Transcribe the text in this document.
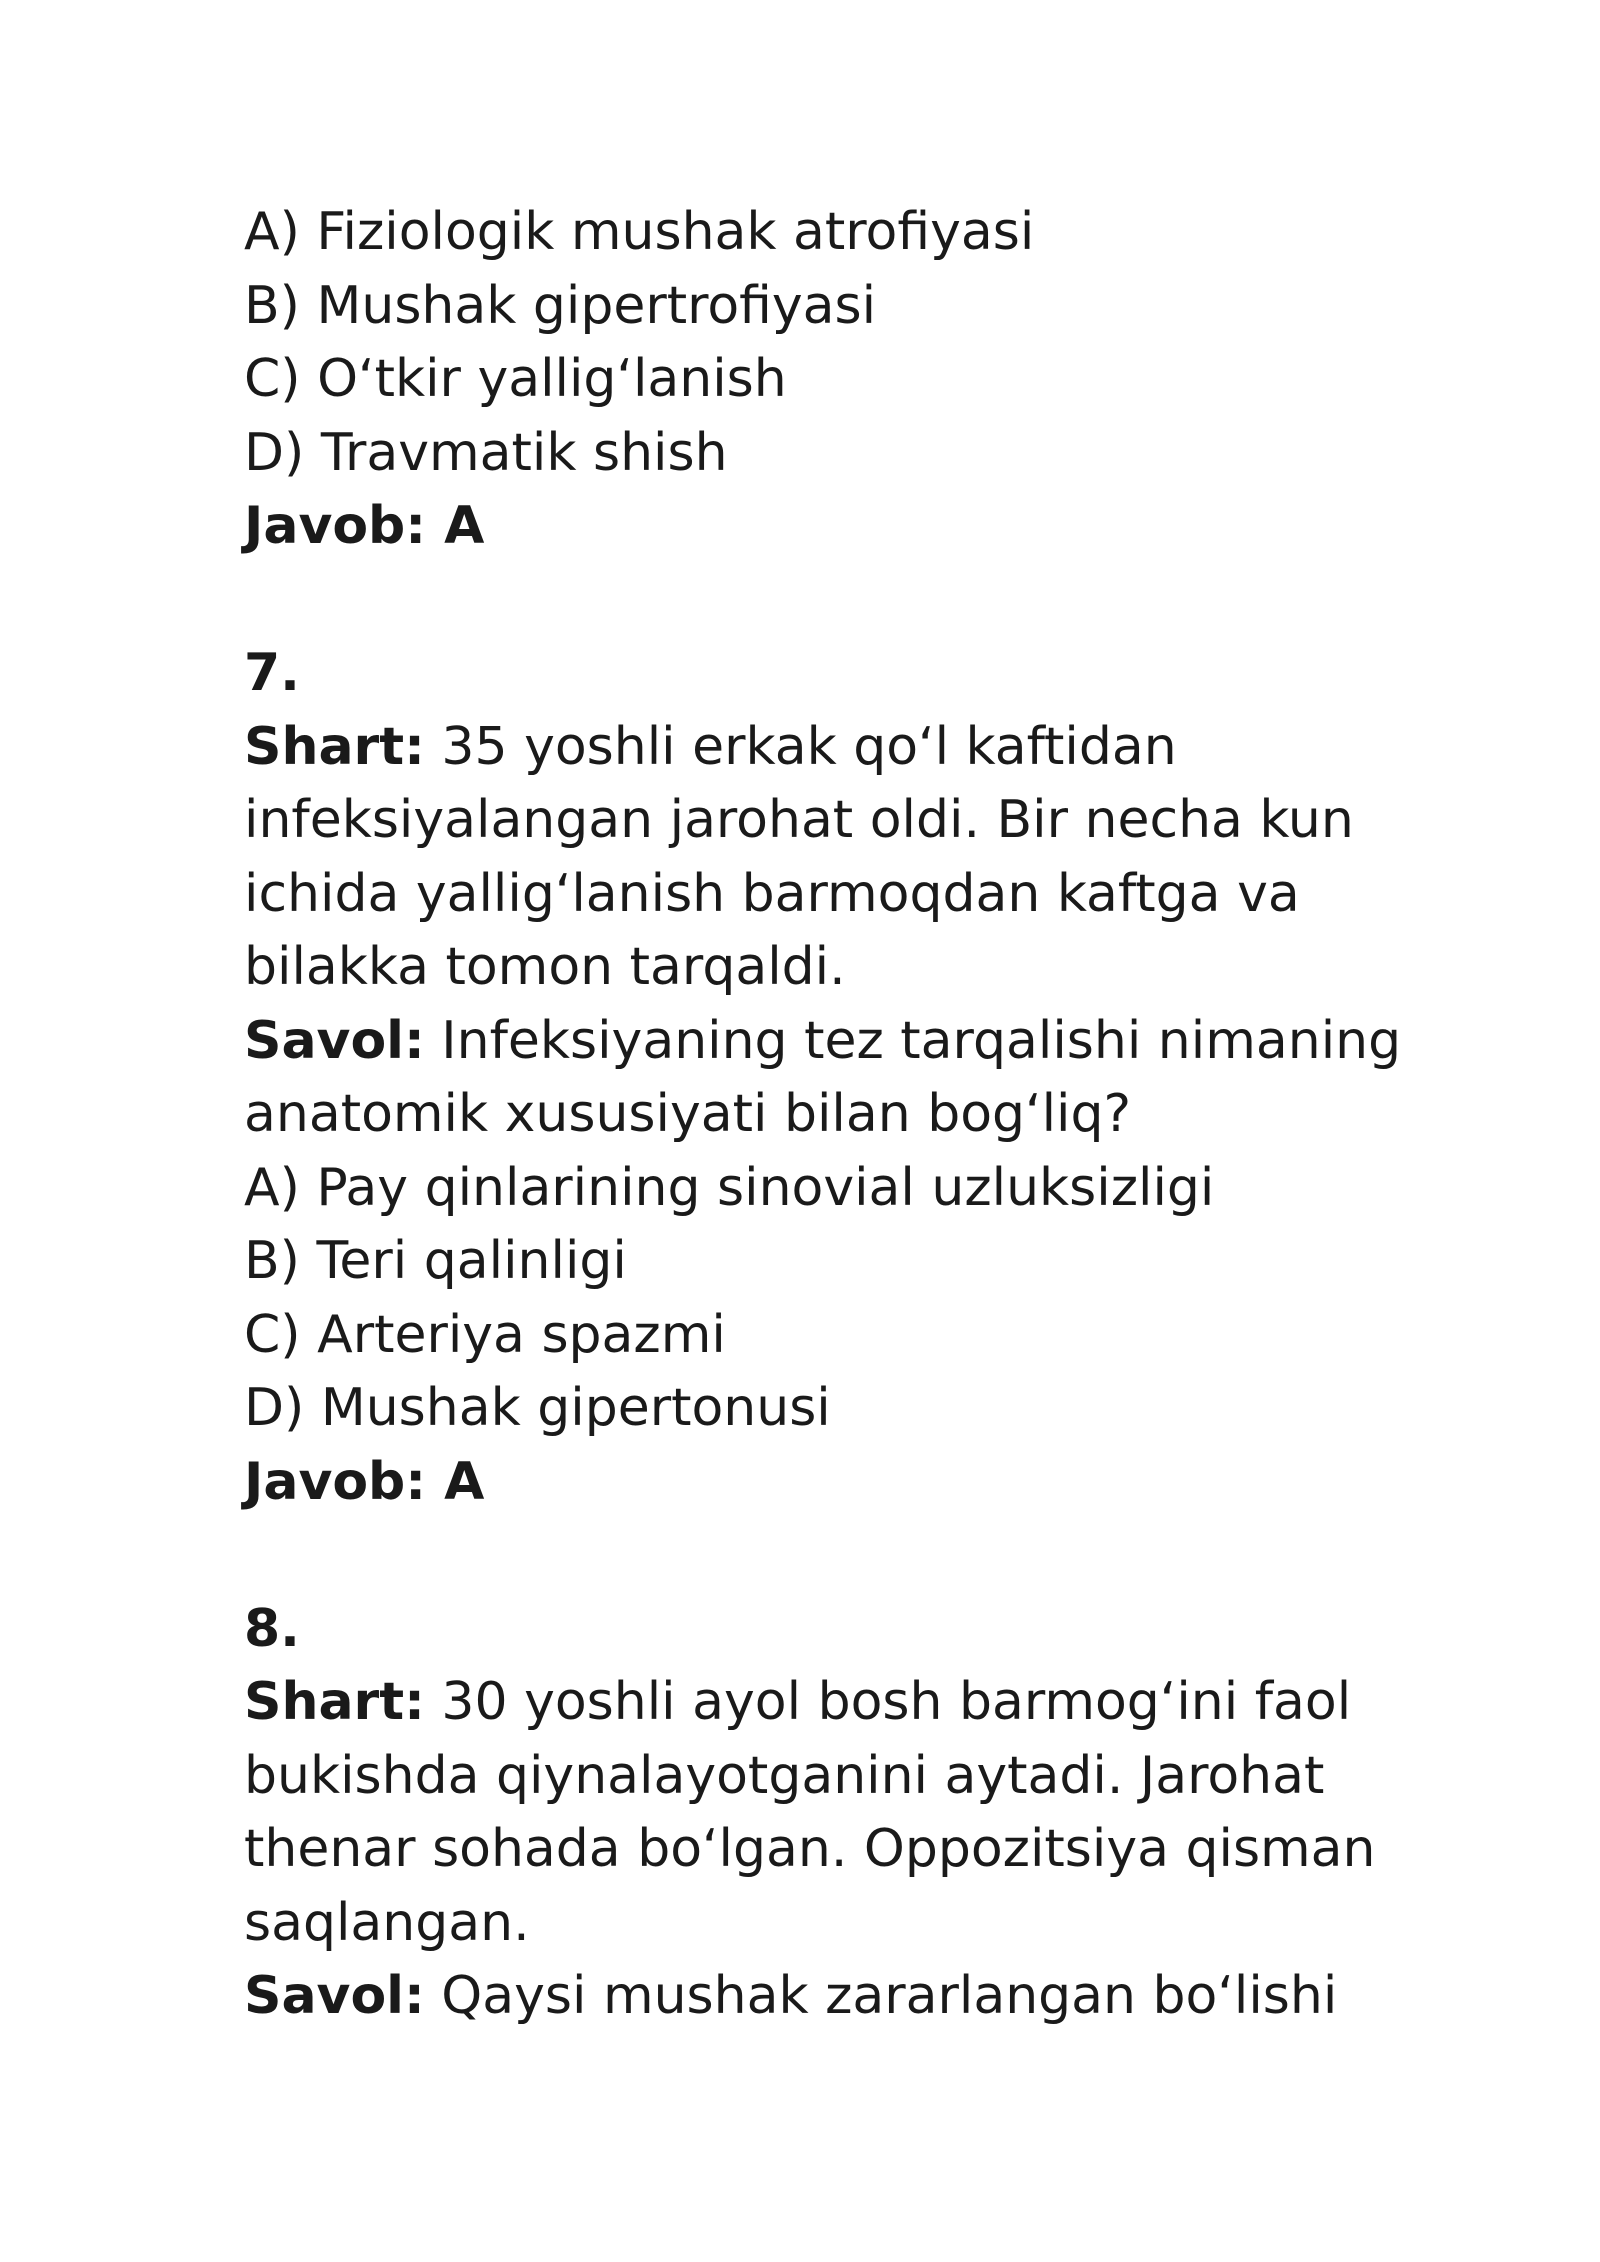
A) Fiziologik mushak atrofiyasi
B) Mushak gipertrofiyasi
C) O‘tkir yallig‘lanish
D) Travmatik shish
Javob: A
7.
Shart: 35 yoshli erkak qo‘l kaftidan
infeksiyalangan jarohat oldi. Bir necha kun
ichida yallig‘lanish barmoqdan kaftga va
bilakka tomon tarqaldi.
Savol: Infeksiyaning tez tarqalishi nimaning
anatomik xususiyati bilan bog‘liq?
A) Pay qinlarining sinovial uzluksizligi
B) Teri qalinligi
C) Arteriya spazmi
D) Mushak gipertonusi
Javob: A
8.
Shart: 30 yoshli ayol bosh barmog‘ini faol
bukishda qiynalayotganini aytadi. Jarohat
thenar sohada bo‘lgan. Oppozitsiya qisman
saqlangan.
Savol: Qaysi mushak zararlangan bo‘lishi
